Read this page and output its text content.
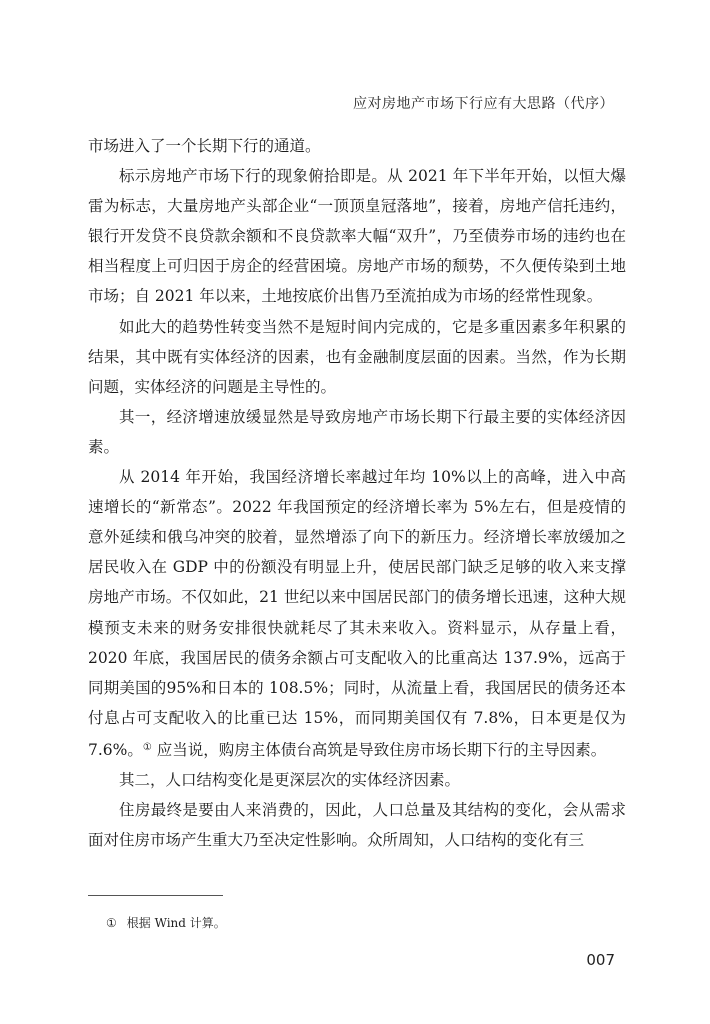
应对房地产市场下行应有大思路（代序）

市场进入了一个长期下行的通道。

标示房地产市场下行的现象俯拾即是。从 2021 年下半年开始，以恒大爆雷为标志，大量房地产头部企业“一顶顶皇冠落地”，接着，房地产信托违约，银行开发贷不良贷款余额和不良贷款率大幅“双升”，乃至债券市场的违约也在相当程度上可归因于房企的经营困境。房地产市场的颓势，不久便传染到土地市场；自 2021 年以来，土地按底价出售乃至流拍成为市场的经常性现象。

如此大的趋势性转变当然不是短时间内完成的，它是多重因素多年积累的结果，其中既有实体经济的因素，也有金融制度层面的因素。当然，作为长期问题，实体经济的问题是主导性的。

其一，经济增速放缓显然是导致房地产市场长期下行最主要的实体经济因素。

从 2014 年开始，我国经济增长率越过年均 10%以上的高峰，进入中高速增长的“新常态”。2022 年我国预定的经济增长率为 5%左右，但是疫情的意外延续和俄乌冲突的胶着，显然增添了向下的新压力。经济增长率放缓加之居民收入在 GDP 中的份额没有明显上升，使居民部门缺乏足够的收入来支撑房地产市场。不仅如此，21 世纪以来中国居民部门的债务增长迅速，这种大规模预支未来的财务安排很快就耗尽了其未来收入。资料显示，从存量上看，2020 年底，我国居民的债务余额占可支配收入的比重高达 137.9%，远高于同期美国的95%和日本的 108.5%；同时，从流量上看，我国居民的债务还本付息占可支配收入的比重已达 15%，而同期美国仅有 7.8%，日本更是仅为 7.6%。① 应当说，购房主体债台高筑是导致住房市场长期下行的主导因素。

其二，人口结构变化是更深层次的实体经济因素。

住房最终是要由人来消费的，因此，人口总量及其结构的变化，会从需求面对住房市场产生重大乃至决定性影响。众所周知，人口结构的变化有三

① 根据 Wind 计算。
007
